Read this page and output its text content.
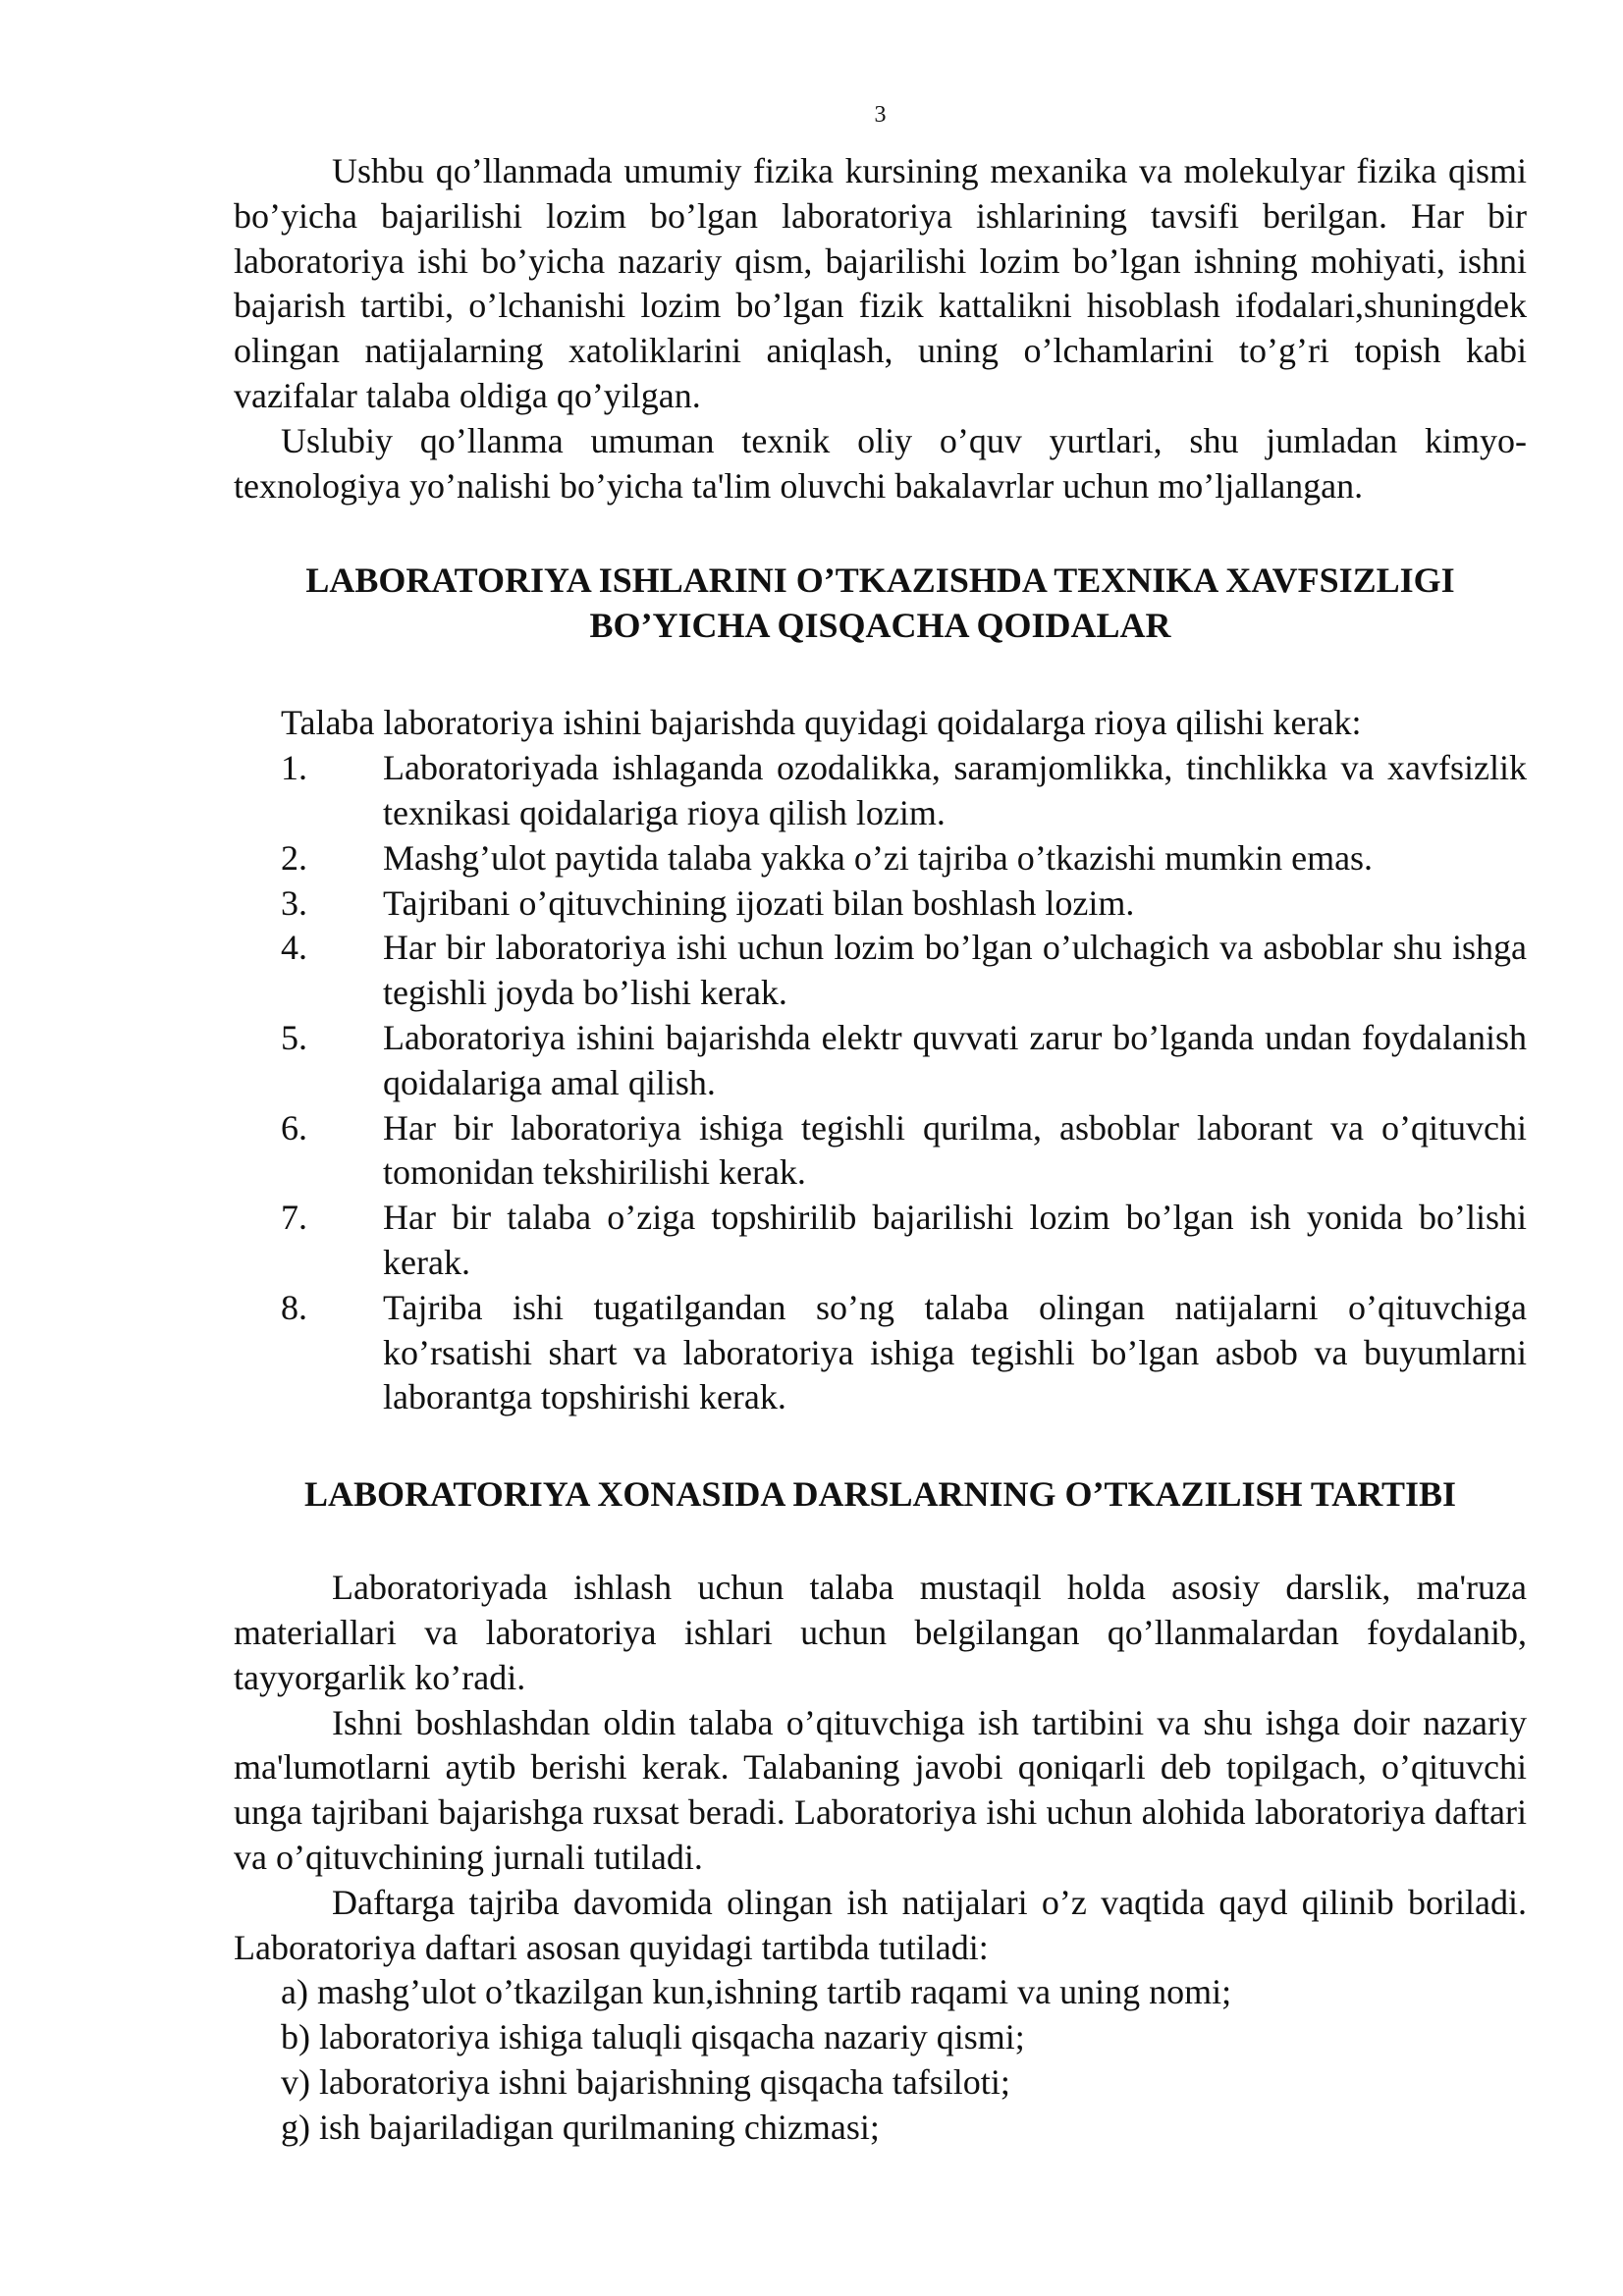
3

Ushbu qo’llanmada umumiy fizika kursining mexanika va molekulyar fizika qismi bo’yicha bajarilishi lozim bo’lgan laboratoriya ishlarining tavsifi berilgan. Har bir laboratoriya ishi bo’yicha nazariy qism, bajarilishi lozim bo’lgan ishning mohiyati, ishni bajarish tartibi, o’lchanishi lozim bo’lgan fizik kattalikni hisoblash ifodalari,shuningdek olingan natijalarning xatoliklarini aniqlash, uning o’lchamlarini to’g’ri topish kabi vazifalar talaba oldiga qo’yilgan.

Uslubiy qo’llanma umuman texnik oliy o’quv yurtlari, shu jumladan kimyo-texnologiya yo’nalishi bo’yicha ta'lim oluvchi bakalavrlar uchun mo’ljallangan.

LABORATORIYA ISHLARINI O’TKAZISHDA TEXNIKA XAVFSIZLIGI
BO’YICHA QISQACHA QOIDALAR

Talaba laboratoriya ishini bajarishda quyidagi qoidalarga rioya qilishi kerak:

1.	Laboratoriyada ishlaganda ozodalikka, saramjomlikka, tinchlikka va xavfsizlik texnikasi qoidalariga rioya qilish lozim.
2.	Mashg’ulot paytida talaba yakka o’zi tajriba o’tkazishi mumkin emas.
3.	Tajribani o’qituvchining ijozati bilan boshlash lozim.
4.	Har bir laboratoriya ishi uchun lozim bo’lgan o’ulchagich va asboblar shu ishga tegishli joyda bo’lishi kerak.
5.	Laboratoriya ishini bajarishda elektr quvvati zarur bo’lganda undan foydalanish qoidalariga amal qilish.
6.	Har bir laboratoriya ishiga tegishli qurilma, asboblar laborant va o’qituvchi tomonidan tekshirilishi kerak.
7.	Har bir talaba o’ziga topshirilib bajarilishi lozim bo’lgan ish yonida bo’lishi kerak.
8.	Tajriba ishi tugatilgandan so’ng talaba olingan natijalarni o’qituvchiga ko’rsatishi shart va laboratoriya ishiga tegishli bo’lgan asbob va buyumlarni laborantga topshirishi kerak.
LABORATORIYA XONASIDA DARSLARNING O’TKAZILISH TARTIBI

Laboratoriyada ishlash uchun talaba mustaqil holda asosiy darslik, ma'ruza materiallari va laboratoriya ishlari uchun belgilangan qo’llanmalardan foydalanib, tayyorgarlik ko’radi.

Ishni boshlashdan oldin talaba o’qituvchiga ish tartibini va shu ishga doir nazariy ma'lumotlarni aytib berishi kerak. Talabaning javobi qoniqarli deb topilgach, o’qituvchi unga tajribani bajarishga ruxsat beradi. Laboratoriya ishi uchun alohida laboratoriya daftari va o’qituvchining jurnali tutiladi.

Daftarga tajriba davomida olingan ish natijalari o’z vaqtida qayd qilinib boriladi. Laboratoriya daftari asosan quyidagi tartibda tutiladi:

a) mashg’ulot o’tkazilgan kun,ishning tartib raqami va uning nomi;

b) laboratoriya ishiga taluqli qisqacha nazariy qismi;

v) laboratoriya ishni bajarishning qisqacha tafsiloti;

g) ish bajariladigan qurilmaning chizmasi;
